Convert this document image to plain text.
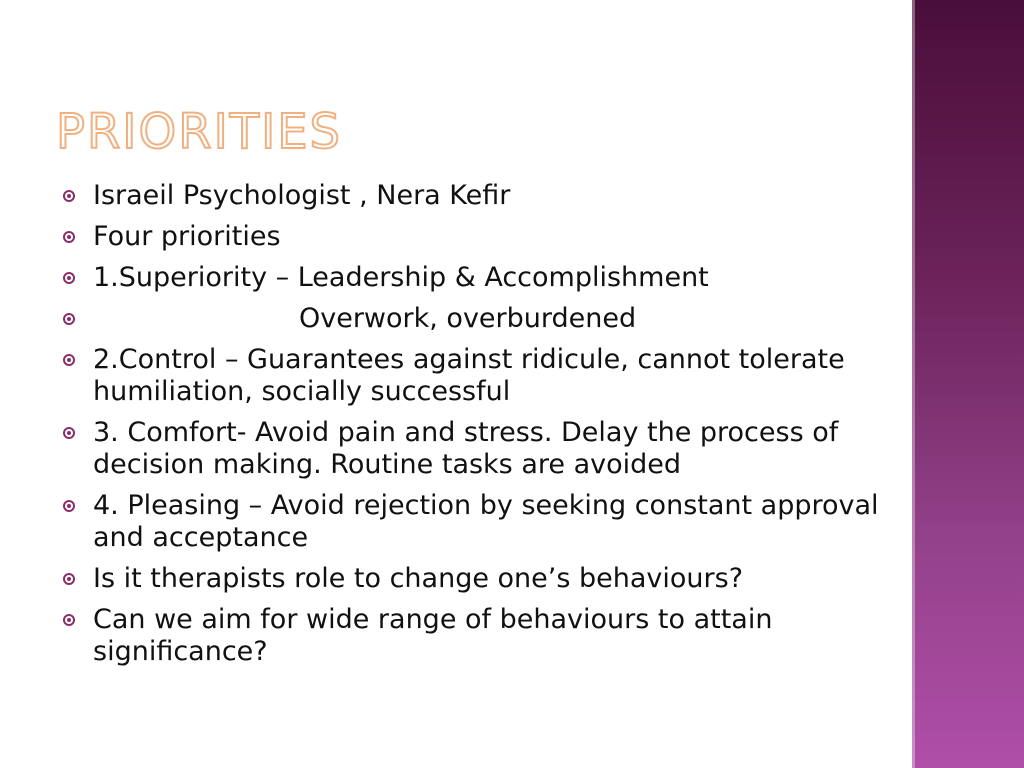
PRIORITIES
Israeil Psychologist , Nera Kefir
Four priorities
1.Superiority – Leadership & Accomplishment
Overwork, overburdened
2.Control – Guarantees against ridicule, cannot tolerate humiliation, socially successful
3. Comfort- Avoid pain and stress. Delay the process of decision making. Routine tasks are avoided
4. Pleasing – Avoid rejection by seeking constant approval and acceptance
Is it therapists role to change one’s behaviours?
Can we aim for wide range of behaviours to attain significance?
